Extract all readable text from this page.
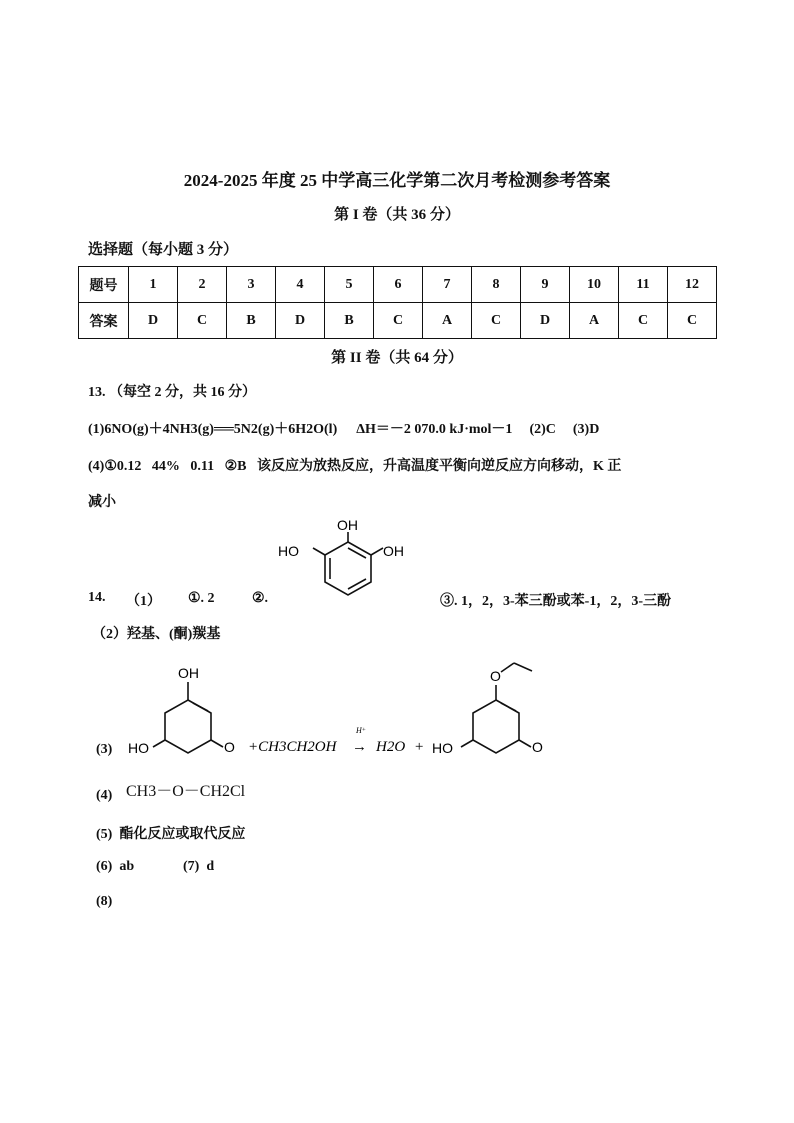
2024-2025 年度 25 中学高三化学第二次月考检测参考答案
第 I 卷（共 36 分）
选择题（每小题 3 分）
题号	1	2	3	4	5	6	7	8	9	10	11	12
答案	D	C	B	D	B	C	A	C	D	A	C	C
第 II 卷（共 64 分）
13. （每空 2 分，共 16 分）
(1)6NO(g)＋4NH3(g)══5N2(g)＋6H2O(l) ΔH＝－2 070.0 kJ·mol－1 (2)C (3)D
(4)①0.12   44%   0.11   ②B   该反应为放热反应，升高温度平衡向逆反应方向移动，K 正
减小
14. （1） ①. 2	②.
OH
HO	OH
③. 1，2，3-苯三酚或苯-1，2，3-三酚
（2）羟基、(酮)羰基
(3)
OH
HO	O +CH3CH2OH
H⁺
→ H2O +
O
HO	O
(4) CH3－O－CH2Cl
(5)  酯化反应或取代反应
(6)  ab	(7)  d
(8)
